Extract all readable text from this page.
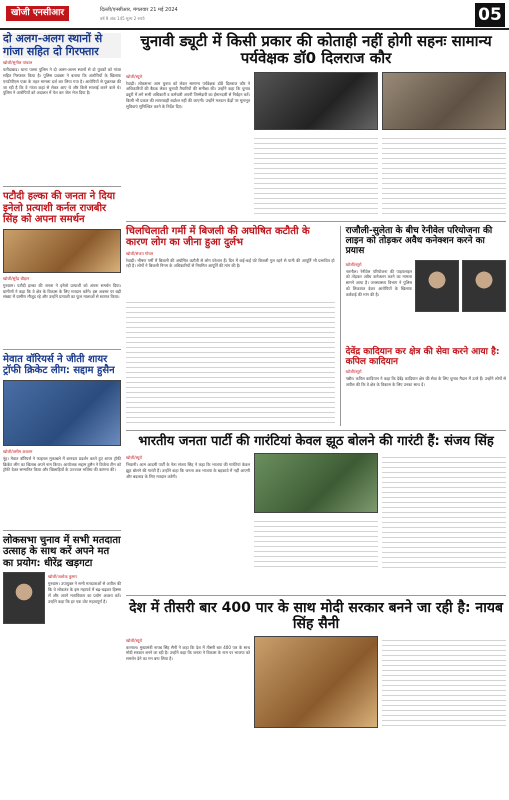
खोजी एनसीआर	दिल्ली/एनसीआर, मंगलवार 21 मई 2024
वर्ष 9 अंक 145 मूल्य 2 रुपये	05
दो अलग-अलग स्थानों से गांजा सहित दो गिरफ्तार
खोजी/सुनील पांचाल
फरीदाबाद। थाना पल्ला पुलिस ने दो अलग-अलग स्थानों से दो युवकों को गांजा सहित गिरफ्तार किया है। पुलिस प्रवक्ता ने बताया कि आरोपियों के खिलाफ एनडीपीएस एक्ट के तहत मामला दर्ज कर लिया गया है। आरोपियों से पूछताछ की जा रही है कि वे गांजा कहां से लेकर आए थे और किसे सप्लाई करने वाले थे। पुलिस ने आरोपियों को अदालत में पेश कर जेल भेज दिया है।
पटौदी हल्का की जनता ने दिया इनेलो प्रत्याशी कर्नल राजबीर सिंह को अपना समर्थन
खोजी/सुरेंद्र चौहान
गुरुग्राम। पटौदी हल्का की जनता ने इनेलो प्रत्याशी को अपना समर्थन दिया। ग्रामीणों ने कहा कि वे क्षेत्र के विकास के लिए मतदान करेंगे। इस अवसर पर बड़ी संख्या में ग्रामीण मौजूद रहे और उन्होंने प्रत्याशी का फूल मालाओं से स्वागत किया।
मेवात वॉरियर्स ने जीती शायर ट्रॉफी क्रिकेट लीग: सद्दाम हुसैन
खोजी/वसीम अकरम
नूंह। मेवात वॉरियर्स ने फाइनल मुकाबले में शानदार प्रदर्शन करते हुए शायर ट्रॉफी क्रिकेट लीग का खिताब अपने नाम किया। आयोजक सद्दाम हुसैन ने विजेता टीम को ट्रॉफी देकर सम्मानित किया और खिलाड़ियों के उज्ज्वल भविष्य की कामना की।
लोकसभा चुनाव में सभी मतदाता उत्साह के साथ करें अपने मत का प्रयोग: धीरेंद्र खड़गटा
खोजी/अशोक कुमार
गुरुग्राम। उपायुक्त ने सभी मतदाताओं से अपील की कि वे लोकतंत्र के इस महापर्व में बढ़-चढ़कर हिस्सा लें और अपने मताधिकार का प्रयोग अवश्य करें। उन्होंने कहा कि हर एक वोट महत्वपूर्ण है।
चुनावी ड्यूटी में किसी प्रकार की कोताही नहीं होगी सहनः सामान्य पर्यवेक्षक डॉ0 दिलराज कौर
खोजी/ब्यूरो
रेवाड़ी। लोकसभा आम चुनाव को लेकर सामान्य पर्यवेक्षक डॉ0 दिलराज कौर ने अधिकारियों की बैठक लेकर चुनावी तैयारियों की समीक्षा की। उन्होंने कहा कि चुनाव ड्यूटी में लगे सभी अधिकारी व कर्मचारी अपनी जिम्मेदारी का ईमानदारी से निर्वहन करें। किसी भी प्रकार की लापरवाही बर्दाश्त नहीं की जाएगी। उन्होंने मतदान केंद्रों पर मूलभूत सुविधाएं सुनिश्चित करने के निर्देश दिए।
चिलचिलाती गर्मी में बिजली की अघोषित कटौती के कारण लोग का जीना हुआ दुर्लभ
खोजी/संजय गोयल
रेवाड़ी। भीषण गर्मी में बिजली की अघोषित कटौती से लोग परेशान हैं। दिन में कई-कई घंटे बिजली गुल रहने से पानी की आपूर्ति भी प्रभावित हो रही है। लोगों ने बिजली निगम के अधिकारियों से नियमित आपूर्ति की मांग की है।
राजौली-सुलेता के बीच रेनीवेल परियोजना की लाइन को तोड़कर अवैध कनेक्शन करने का प्रयास
खोजी/ब्यूरो
नारनौल। रेनीवेल परियोजना की पाइपलाइन को तोड़कर अवैध कनेक्शन करने का मामला सामने आया है। जनस्वास्थ्य विभाग ने पुलिस को शिकायत देकर आरोपियों के खिलाफ कार्रवाई की मांग की है।
देवेंद्र कादियान कर क्षेत्र की सेवा करने आया है: कपिल कादियान
खोजी/ब्यूरो
गन्नौर। कपिल कादियान ने कहा कि देवेंद्र कादियान क्षेत्र की सेवा के लिए चुनाव मैदान में उतरे हैं। उन्होंने लोगों से अपील की कि वे क्षेत्र के विकास के लिए उनका साथ दें।
भारतीय जनता पार्टी की गारंटियां केवल झूठ बोलने की गारंटी हैं: संजय सिंह
खोजी/ब्यूरो
भिवानी। आम आदमी पार्टी के नेता संजय सिंह ने कहा कि भाजपा की गारंटियां केवल झूठ बोलने की गारंटी हैं। उन्होंने कहा कि जनता अब भाजपा के बहकावे में नहीं आएगी और बदलाव के लिए मतदान करेगी।
देश में तीसरी बार 400 पार के साथ मोदी सरकार बनने जा रही है: नायब सिंह सैनी
खोजी/ब्यूरो
करनाल। मुख्यमंत्री नायब सिंह सैनी ने कहा कि देश में तीसरी बार 400 पार के साथ मोदी सरकार बनने जा रही है। उन्होंने कहा कि जनता ने विकास के नाम पर भाजपा को समर्थन देने का मन बना लिया है।
